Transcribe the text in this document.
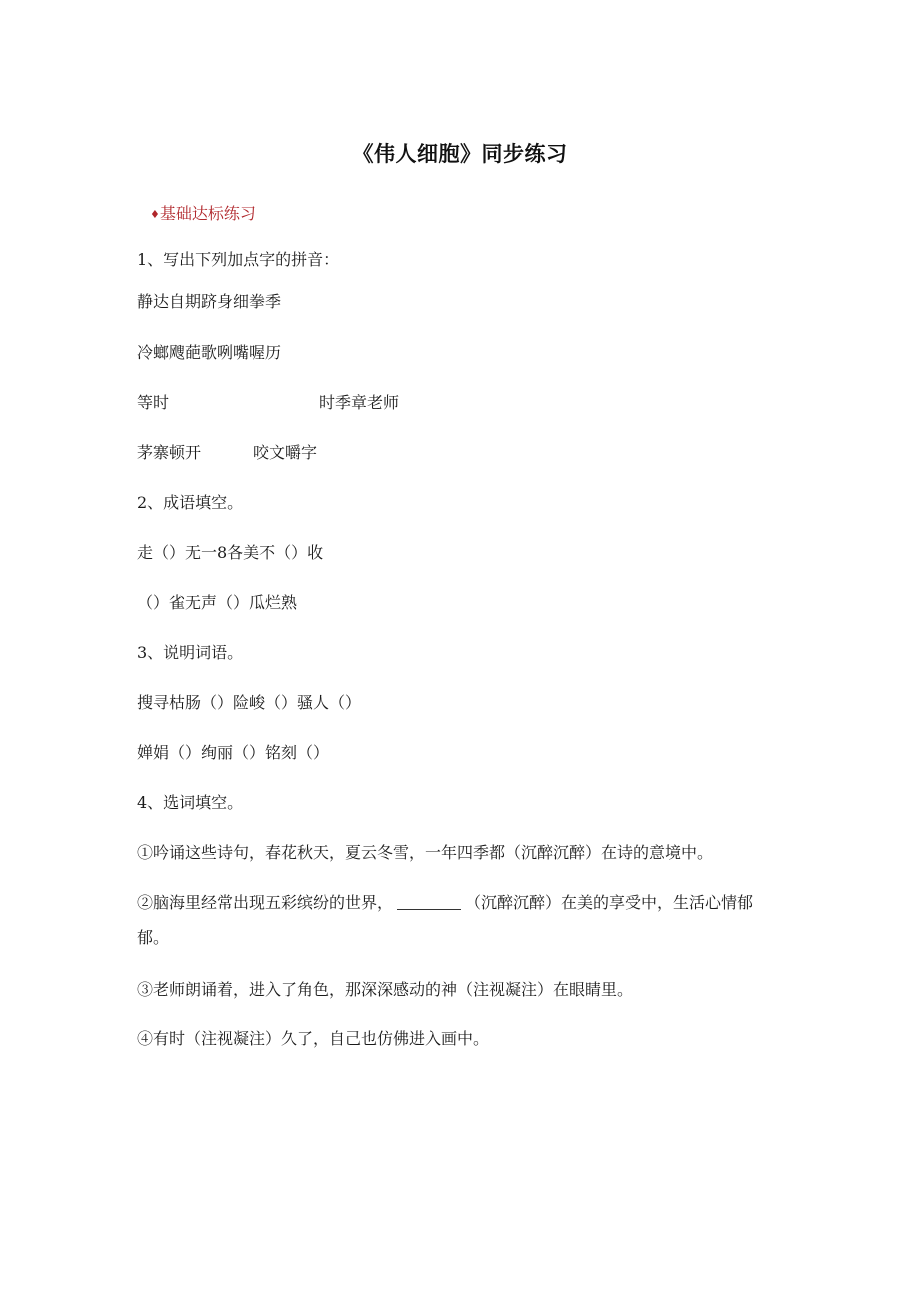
《伟人细胞》同步练习
♦基础达标练习
1、写出下列加点字的拼音：
静达自期跻身细拳季
冷螂飕葩歌咧嘴喔历
等时	时季章老师
茅寨顿开	咬文嚼字
2、成语填空。
走（）无一8各美不（）收
（）雀无声（）瓜烂熟
3、说明词语。
搜寻枯肠（）险峻（）骚人（）
婵娟（）绚丽（）铭刻（）
4、选词填空。
①吟诵这些诗句，春花秋天，夏云冬雪，一年四季都（沉醉沉醉）在诗的意境中。
②脑海里经常出现五彩缤纷的世界，	（沉醉沉醉）在美的享受中，生活心情郁郁。
③老师朗诵着，进入了角色，那深深感动的神（注视凝注）在眼睛里。
④有时（注视凝注）久了，自己也仿佛进入画中。
